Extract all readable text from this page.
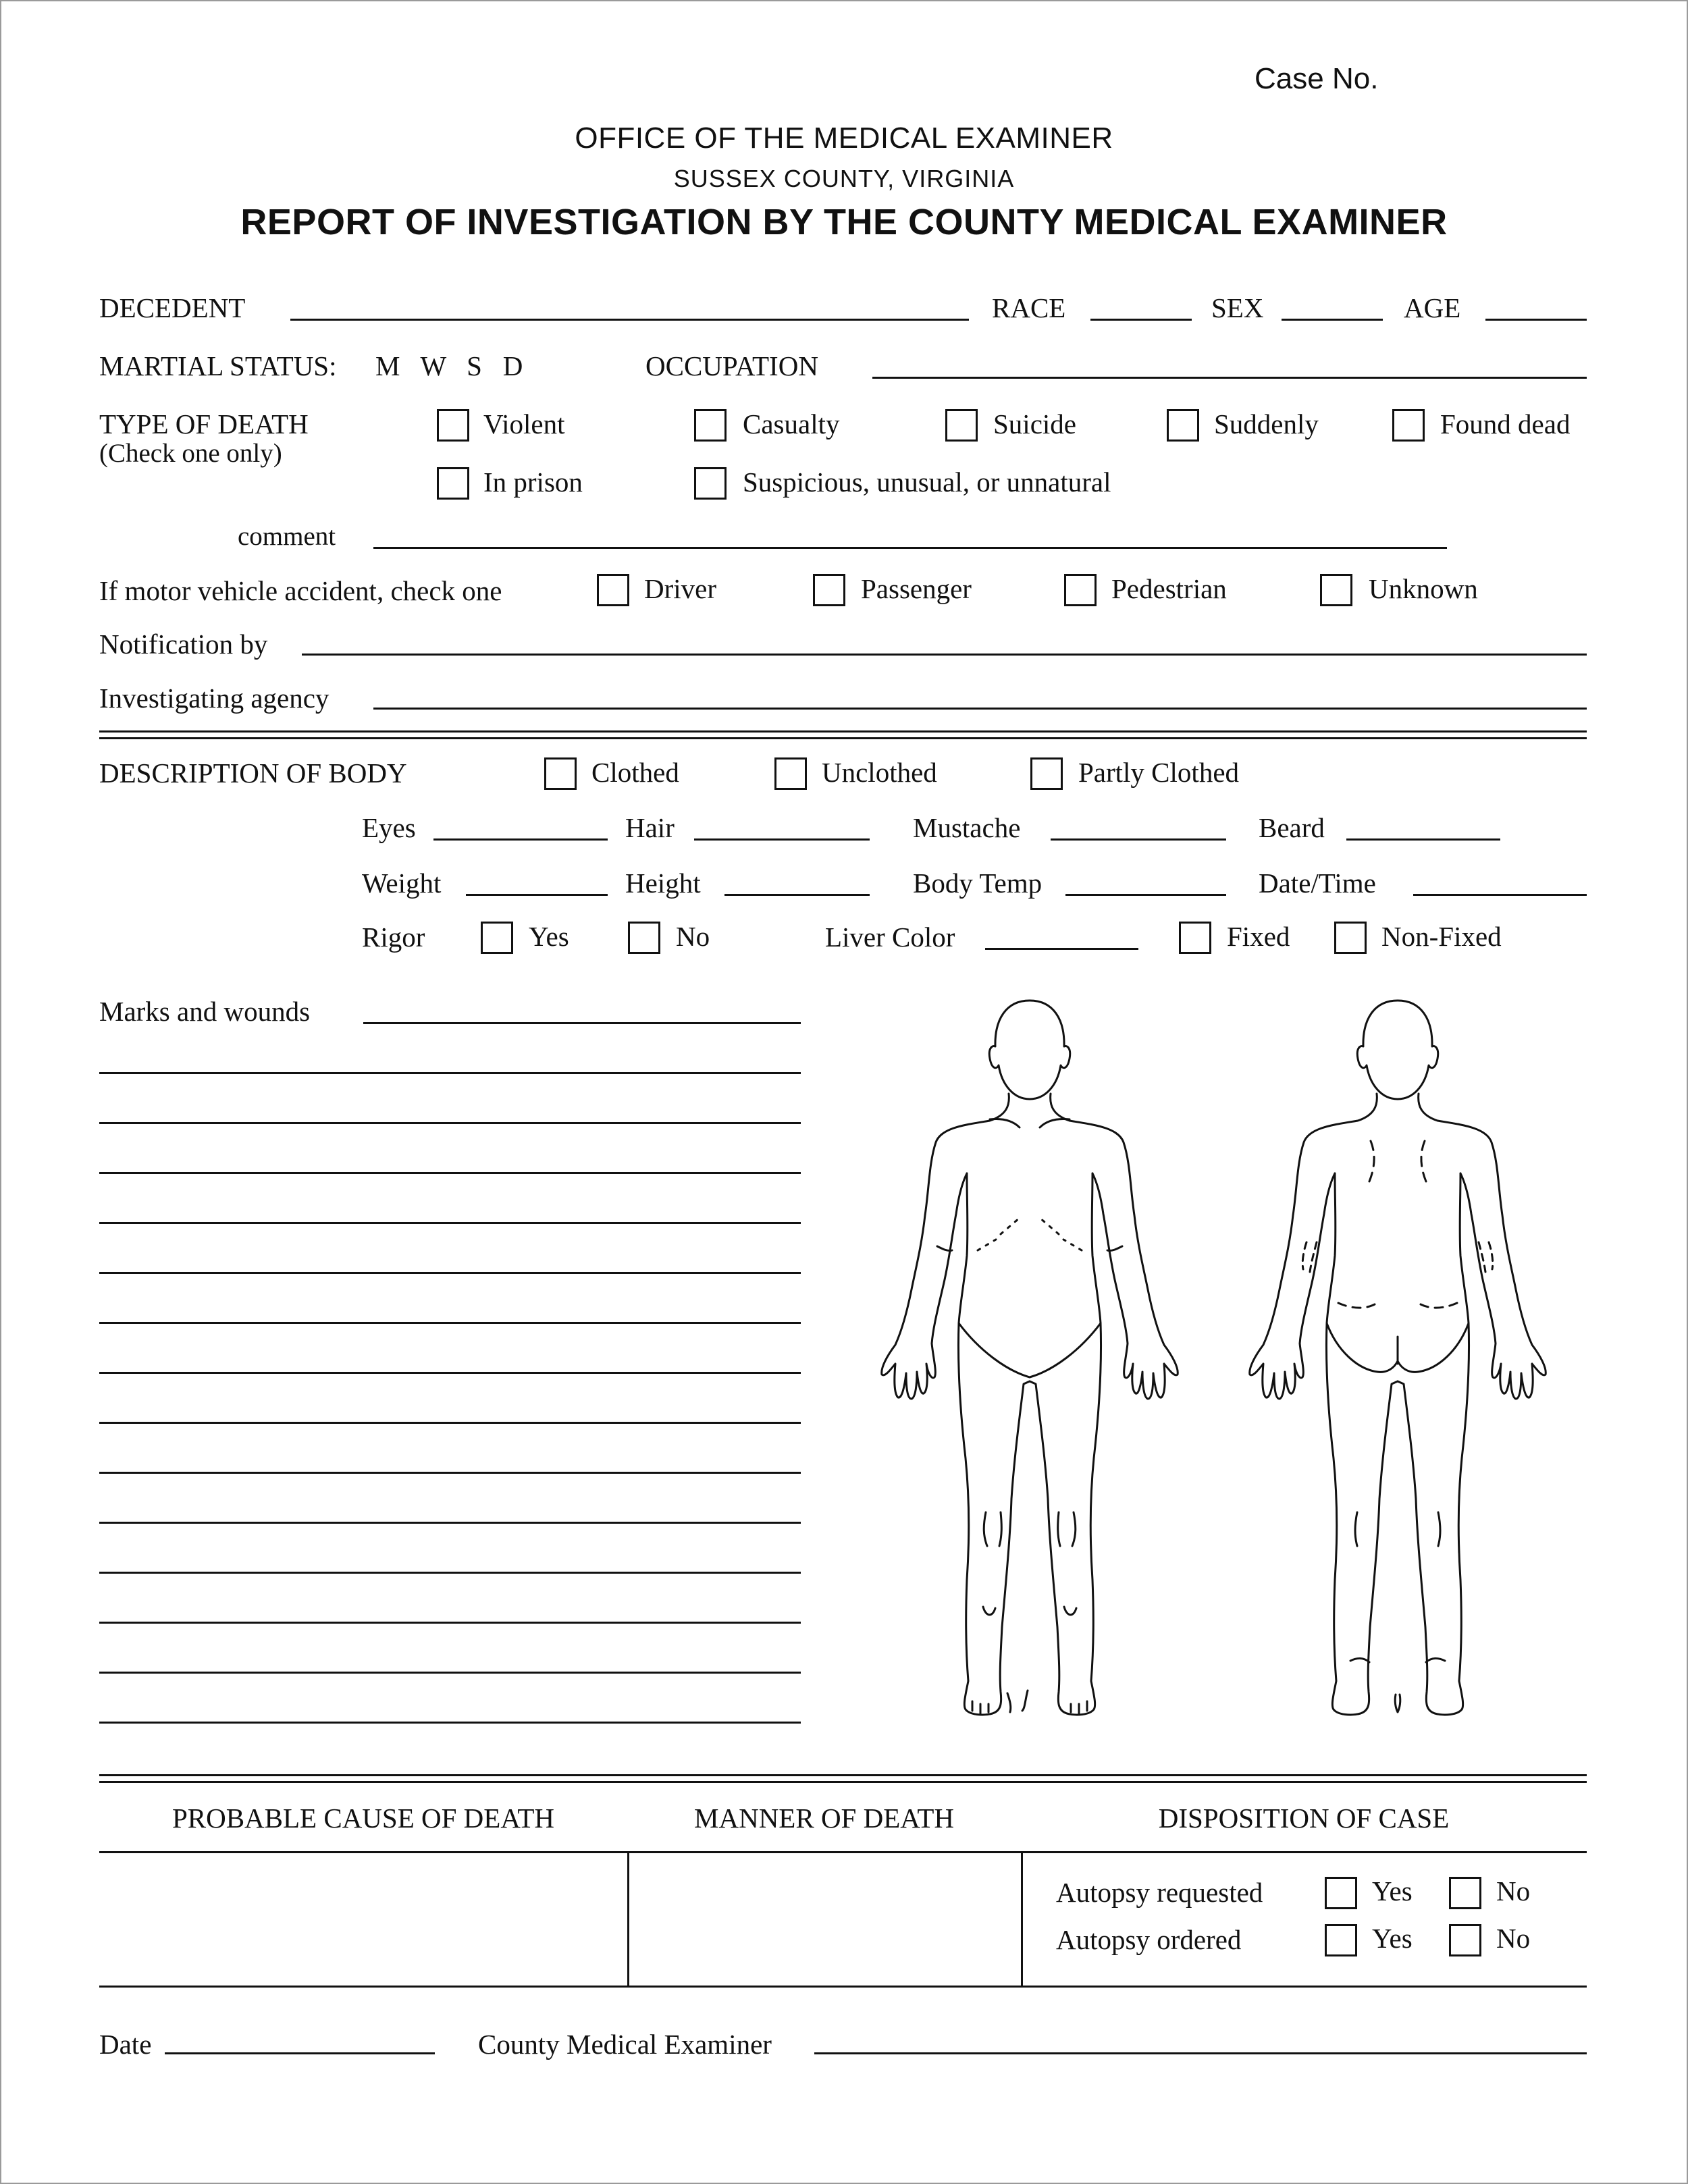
Case No.
OFFICE OF THE MEDICAL EXAMINER
SUSSEX COUNTY, VIRGINIA
REPORT OF INVESTIGATION BY THE COUNTY MEDICAL EXAMINER
DECEDENT	RACE	SEX	AGE
MARTIAL STATUS: M   W   S   D	OCCUPATION
TYPE OF DEATH
(Check one only)
Violent	Casualty	Suicide	Suddenly	Found dead
In prison	Suspicious, unusual, or unnatural
comment
If motor vehicle accident, check one	Driver	Passenger	Pedestrian	Unknown
Notification by
Investigating agency
DESCRIPTION OF BODY	Clothed	Unclothed	Partly Clothed
Eyes	Hair	Mustache	Beard
Weight	Height	Body Temp	Date/Time
Rigor	Yes	No	Liver Color	Fixed	Non-Fixed
Marks and wounds
PROBABLE CAUSE OF DEATH	MANNER OF DEATH	DISPOSITION OF CASE
Autopsy requested	Yes	No
Autopsy ordered	Yes	No
Date	County Medical Examiner
